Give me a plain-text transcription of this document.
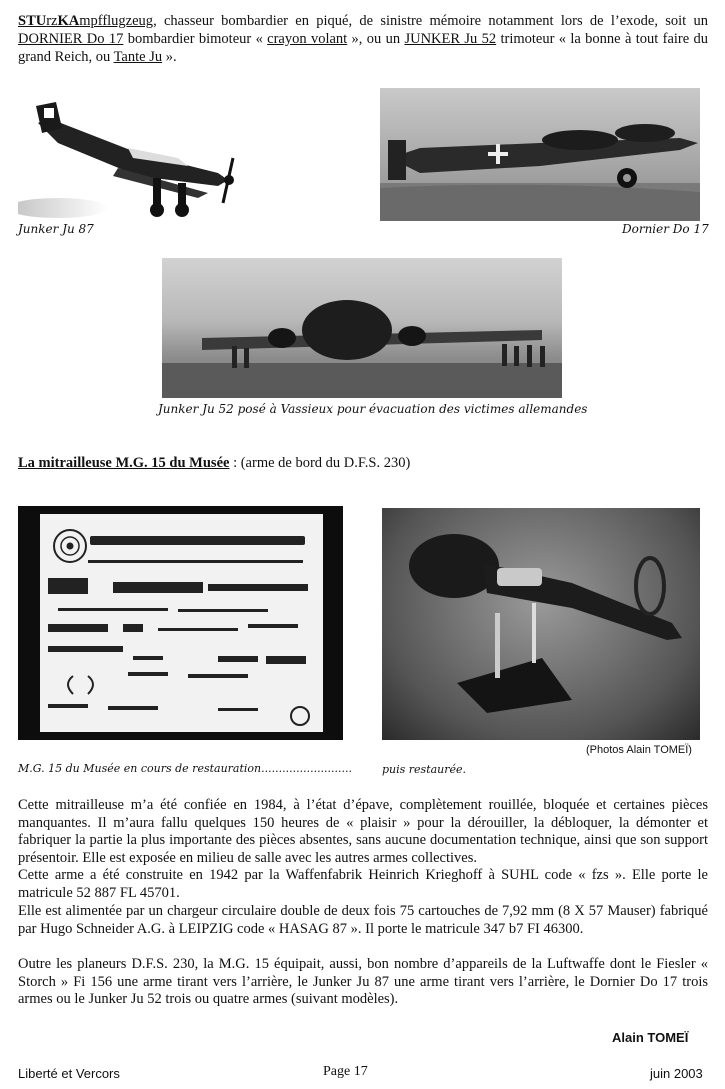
STUrzKAmpfflugzeug, chasseur bombardier en piqué, de sinistre mémoire notamment lors de l’exode, soit un DORNIER Do 17 bombardier bimoteur « crayon volant », ou un JUNKER Ju 52 trimoteur « la bonne à tout faire du grand Reich, ou Tante Ju ».
Junker Ju 87	Dornier Do 17
Junker Ju 52 posé à Vassieux pour évacuation des victimes allemandes
La mitrailleuse M.G. 15 du Musée : (arme de bord du D.F.S. 230)
M.G. 15 du Musée en cours de restauration..........................	puis restaurée.
(Photos Alain TOMEÏ)
Cette mitrailleuse m’a été confiée en 1984, à l’état d’épave, complètement rouillée, bloquée et certaines pièces manquantes. Il m’aura fallu quelques 150 heures de « plaisir » pour la dérouiller, la débloquer, la démonter et fabriquer la partie la plus importante des pièces absentes, sans aucune documentation technique, ainsi que son support présentoir. Elle est exposée en milieu de salle avec les autres armes collectives.
Cette arme a été construite en 1942 par la Waffenfabrik Heinrich Krieghoff à SUHL code « fzs ». Elle porte le matricule 52 887 FL 45701.
Elle est alimentée par un chargeur circulaire double de deux fois 75 cartouches de 7,92 mm (8 X 57 Mauser) fabriqué par Hugo Schneider A.G. à LEIPZIG code « HASAG 87 ». Il porte le matricule 347 b7 FI 46300.
Outre les planeurs D.F.S. 230, la M.G. 15 équipait, aussi, bon nombre d’appareils de la Luftwaffe dont le Fiesler « Storch » Fi 156 une arme tirant vers l’arrière, le Junker Ju 87 une arme tirant vers l’arrière, le Dornier Do 17 trois armes ou le Junker Ju 52 trois ou quatre armes (suivant modèles).
Alain TOMEÏ
Liberté et Vercors	Page 17	juin 2003
